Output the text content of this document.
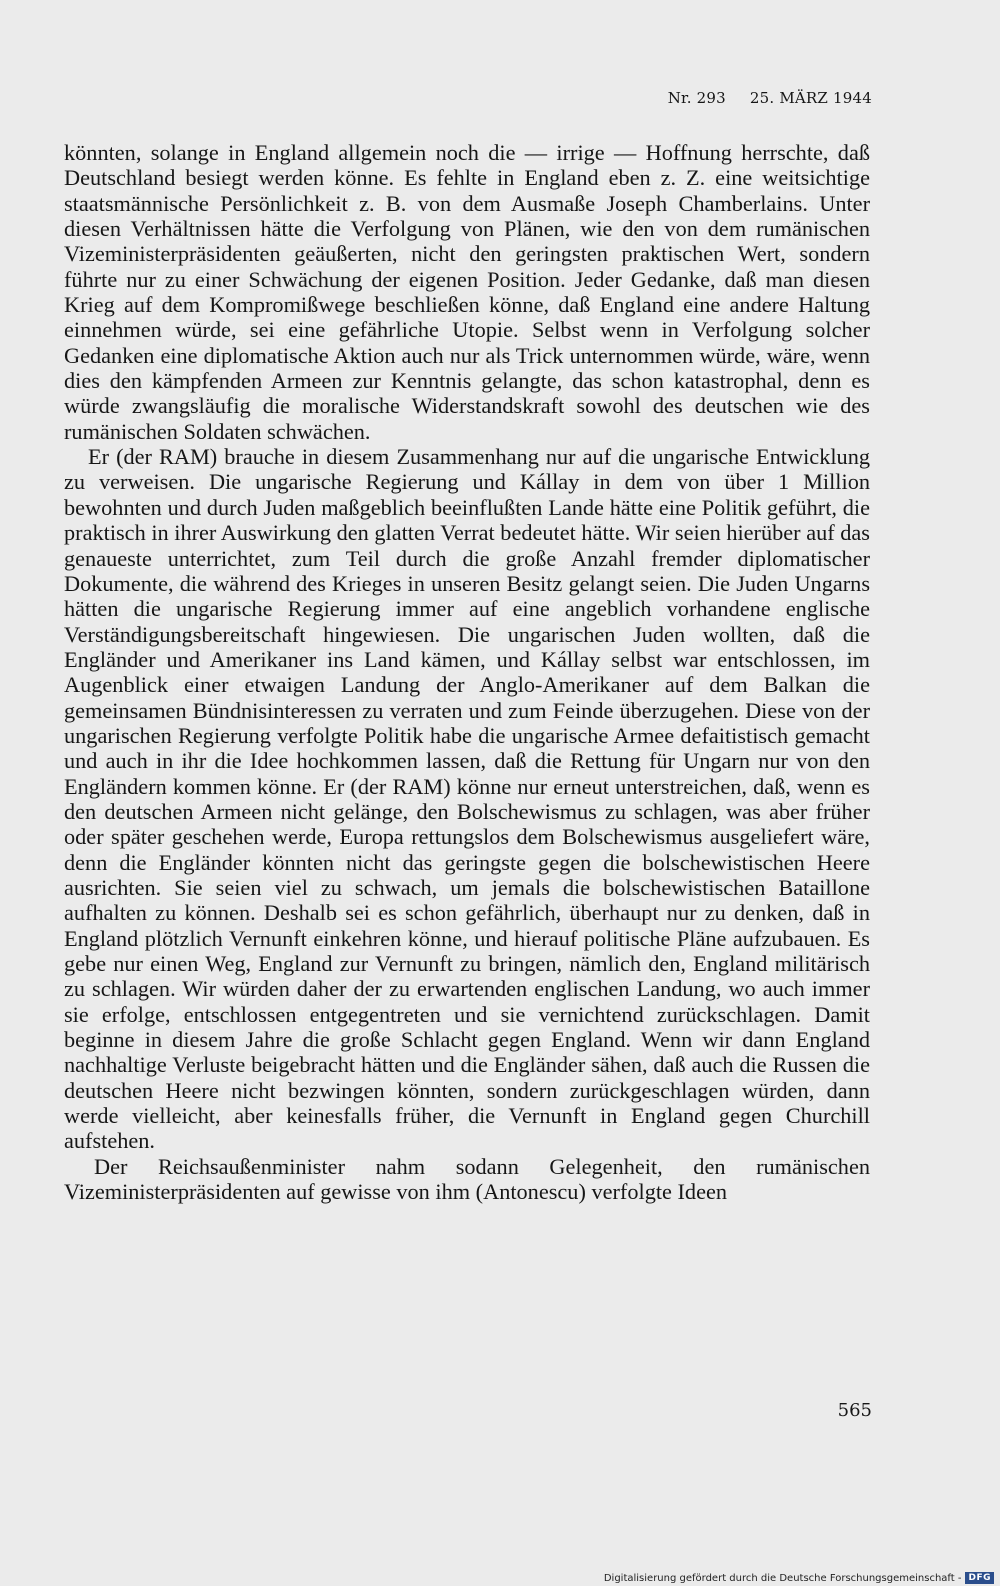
Nr. 293 25. MÄRZ 1944

könnten, solange in England allgemein noch die — irrige — Hoffnung herrschte, daß Deutschland besiegt werden könne. Es fehlte in England eben z. Z. eine weitsichtige staatsmännische Persönlichkeit z. B. von dem Ausmaße Joseph Chamberlains. Unter diesen Verhältnissen hätte die Verfolgung von Plänen, wie den von dem rumänischen Vizeministerpräsidenten geäußerten, nicht den geringsten praktischen Wert, sondern führte nur zu einer Schwächung der eigenen Position. Jeder Gedanke, daß man diesen Krieg auf dem Kompromißwege beschließen könne, daß England eine andere Haltung einnehmen würde, sei eine gefährliche Utopie. Selbst wenn in Verfolgung solcher Gedanken eine diplomatische Aktion auch nur als Trick unternommen würde, wäre, wenn dies den kämpfenden Armeen zur Kenntnis gelangte, das schon katastrophal, denn es würde zwangsläufig die moralische Widerstandskraft sowohl des deutschen wie des rumänischen Soldaten schwächen.

Er (der RAM) brauche in diesem Zusammenhang nur auf die ungarische Entwicklung zu verweisen. Die ungarische Regierung und Kállay in dem von über 1 Million bewohnten und durch Juden maßgeblich beeinflußten Lande hätte eine Politik geführt, die praktisch in ihrer Auswirkung den glatten Verrat bedeutet hätte. Wir seien hierüber auf das genaueste unterrichtet, zum Teil durch die große Anzahl fremder diplomatischer Dokumente, die während des Krieges in unseren Besitz gelangt seien. Die Juden Ungarns hätten die ungarische Regierung immer auf eine angeblich vorhandene englische Verständigungsbereitschaft hingewiesen. Die ungarischen Juden wollten, daß die Engländer und Amerikaner ins Land kämen, und Kállay selbst war entschlossen, im Augenblick einer etwaigen Landung der Anglo-Amerikaner auf dem Balkan die gemeinsamen Bündnisinteressen zu verraten und zum Feinde überzugehen. Diese von der ungarischen Regierung verfolgte Politik habe die ungarische Armee defaitistisch gemacht und auch in ihr die Idee hochkommen lassen, daß die Rettung für Ungarn nur von den Engländern kommen könne. Er (der RAM) könne nur erneut unterstreichen, daß, wenn es den deutschen Armeen nicht gelänge, den Bolschewismus zu schlagen, was aber früher oder später geschehen werde, Europa rettungslos dem Bolschewismus ausgeliefert wäre, denn die Engländer könnten nicht das geringste gegen die bolschewistischen Heere ausrichten. Sie seien viel zu schwach, um jemals die bolschewistischen Bataillone aufhalten zu können. Deshalb sei es schon gefährlich, überhaupt nur zu denken, daß in England plötzlich Vernunft einkehren könne, und hierauf politische Pläne aufzubauen. Es gebe nur einen Weg, England zur Vernunft zu bringen, nämlich den, England militärisch zu schlagen. Wir würden daher der zu erwartenden englischen Landung, wo auch immer sie erfolge, entschlossen entgegentreten und sie vernichtend zurückschlagen. Damit beginne in diesem Jahre die große Schlacht gegen England. Wenn wir dann England nachhaltige Verluste beigebracht hätten und die Engländer sähen, daß auch die Russen die deutschen Heere nicht bezwingen könnten, sondern zurückgeschlagen würden, dann werde vielleicht, aber keinesfalls früher, die Vernunft in England gegen Churchill aufstehen.

Der Reichsaußenminister nahm sodann Gelegenheit, den rumänischen Vizeministerpräsidenten auf gewisse von ihm (Antonescu) verfolgte Ideen

565
Digitalisierung gefördert durch die Deutsche Forschungsgemeinschaft - DFG
